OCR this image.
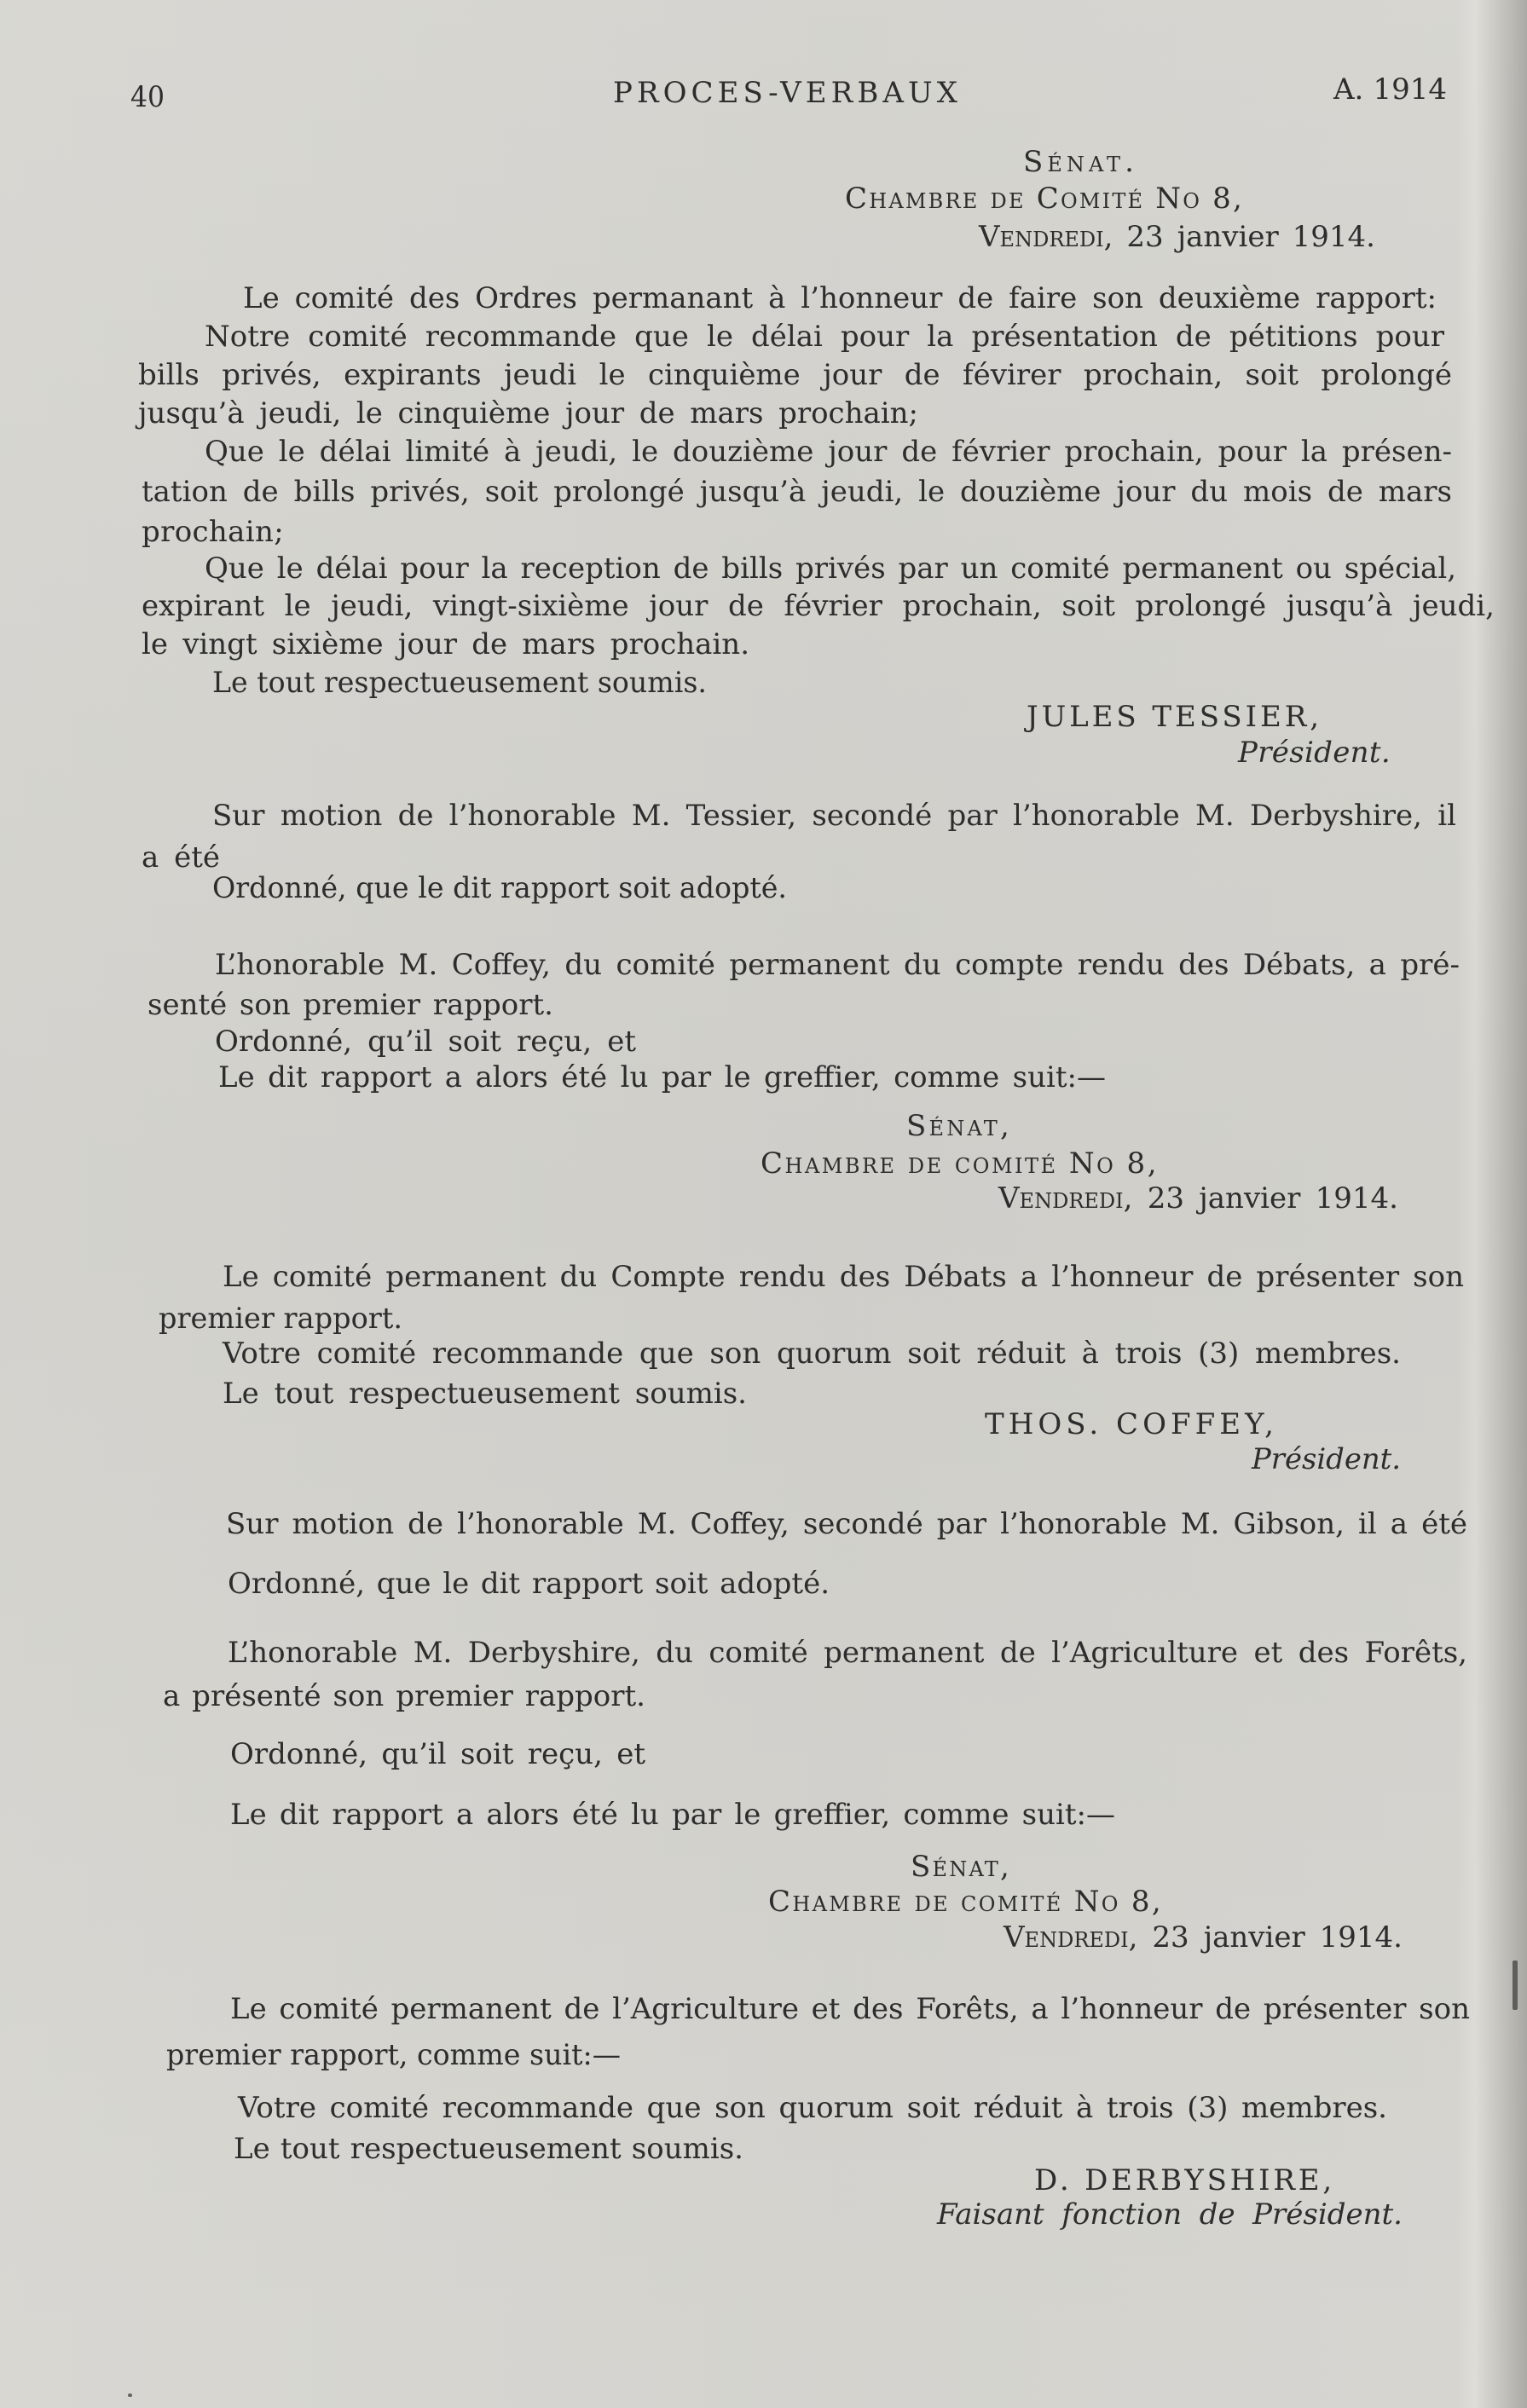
40	PROCES-VERBAUX	A. 1914
Sénat.
Chambre de Comité No 8,
Vendredi, 23 janvier 1914.
Le comité des Ordres permanant à l’honneur de faire son deuxième rapport:
Notre comité recommande que le délai pour la présentation de pétitions pour
bills privés, expirants jeudi le cinquième jour de févirer prochain, soit prolongé
jusqu’à jeudi, le cinquième jour de mars prochain;
Que le délai limité à jeudi, le douzième jour de février prochain, pour la présen-
tation de bills privés, soit prolongé jusqu’à jeudi, le douzième jour du mois de mars
prochain;
Que le délai pour la reception de bills privés par un comité permanent ou spécial,
expirant le jeudi, vingt-sixième jour de février prochain, soit prolongé jusqu’à jeudi,
le vingt sixième jour de mars prochain.
Le tout respectueusement soumis.
JULES TESSIER,
Président.
Sur motion de l’honorable M. Tessier, secondé par l’honorable M. Derbyshire, il
a été
Ordonné, que le dit rapport soit adopté.
L’honorable M. Coffey, du comité permanent du compte rendu des Débats, a pré-
senté son premier rapport.
Ordonné, qu’il soit reçu, et
Le dit rapport a alors été lu par le greffier, comme suit:—
Sénat,
Chambre de comité No 8,
Vendredi, 23 janvier 1914.
Le comité permanent du Compte rendu des Débats a l’honneur de présenter son
premier rapport.
Votre comité recommande que son quorum soit réduit à trois (3) membres.
Le tout respectueusement soumis.
THOS. COFFEY,
Président.
Sur motion de l’honorable M. Coffey, secondé par l’honorable M. Gibson, il a été
Ordonné, que le dit rapport soit adopté.
L’honorable M. Derbyshire, du comité permanent de l’Agriculture et des Forêts,
a présenté son premier rapport.
Ordonné, qu’il soit reçu, et
Le dit rapport a alors été lu par le greffier, comme suit:—
Sénat,
Chambre de comité No 8,
Vendredi, 23 janvier 1914.
Le comité permanent de l’Agriculture et des Forêts, a l’honneur de présenter son
premier rapport, comme suit:—
Votre comité recommande que son quorum soit réduit à trois (3) membres.
Le tout respectueusement soumis.
D. DERBYSHIRE,
Faisant fonction de Président.
